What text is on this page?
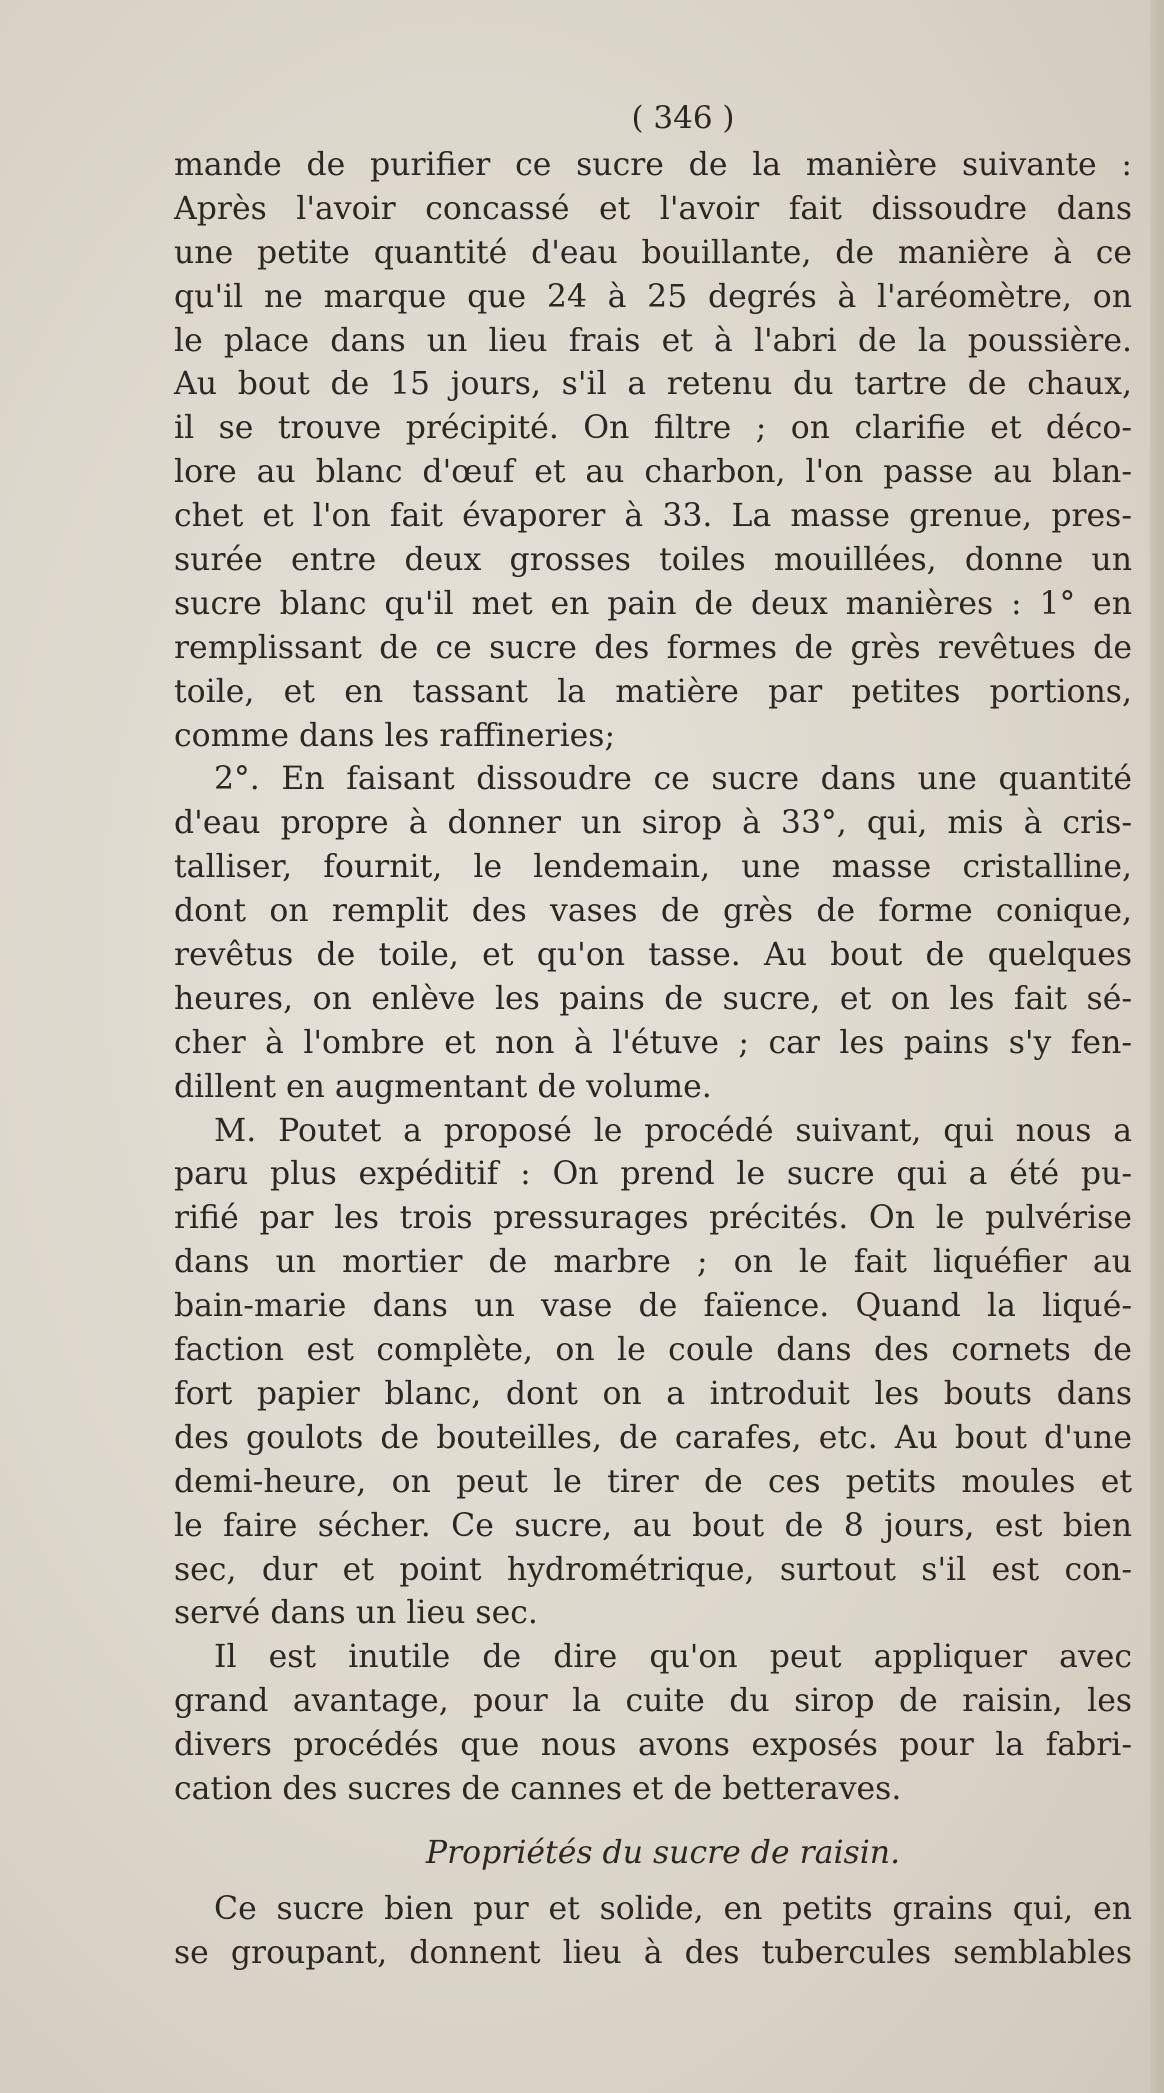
( 346 )
mande de purifier ce sucre de la manière suivante :
Après l'avoir concassé et l'avoir fait dissoudre dans
une petite quantité d'eau bouillante, de manière à ce
qu'il ne marque que 24 à 25 degrés à l'aréomètre, on
le place dans un lieu frais et à l'abri de la poussière.
Au bout de 15 jours, s'il a retenu du tartre de chaux,
il se trouve précipité. On filtre ; on clarifie et déco-
lore au blanc d'œuf et au charbon, l'on passe au blan-
chet et l'on fait évaporer à 33. La masse grenue, pres-
surée entre deux grosses toiles mouillées, donne un
sucre blanc qu'il met en pain de deux manières : 1° en
remplissant de ce sucre des formes de grès revêtues de
toile, et en tassant la matière par petites portions,
comme dans les raffineries;
2°. En faisant dissoudre ce sucre dans une quantité
d'eau propre à donner un sirop à 33°, qui, mis à cris-
talliser, fournit, le lendemain, une masse cristalline,
dont on remplit des vases de grès de forme conique,
revêtus de toile, et qu'on tasse. Au bout de quelques
heures, on enlève les pains de sucre, et on les fait sé-
cher à l'ombre et non à l'étuve ; car les pains s'y fen-
dillent en augmentant de volume.
M. Poutet a proposé le procédé suivant, qui nous a
paru plus expéditif : On prend le sucre qui a été pu-
rifié par les trois pressurages précités. On le pulvérise
dans un mortier de marbre ; on le fait liquéfier au
bain-marie dans un vase de faïence. Quand la liqué-
faction est complète, on le coule dans des cornets de
fort papier blanc, dont on a introduit les bouts dans
des goulots de bouteilles, de carafes, etc. Au bout d'une
demi-heure, on peut le tirer de ces petits moules et
le faire sécher. Ce sucre, au bout de 8 jours, est bien
sec, dur et point hydrométrique, surtout s'il est con-
servé dans un lieu sec.
Il est inutile de dire qu'on peut appliquer avec
grand avantage, pour la cuite du sirop de raisin, les
divers procédés que nous avons exposés pour la fabri-
cation des sucres de cannes et de betteraves.
Propriétés du sucre de raisin.
Ce sucre bien pur et solide, en petits grains qui, en
se groupant, donnent lieu à des tubercules semblables
